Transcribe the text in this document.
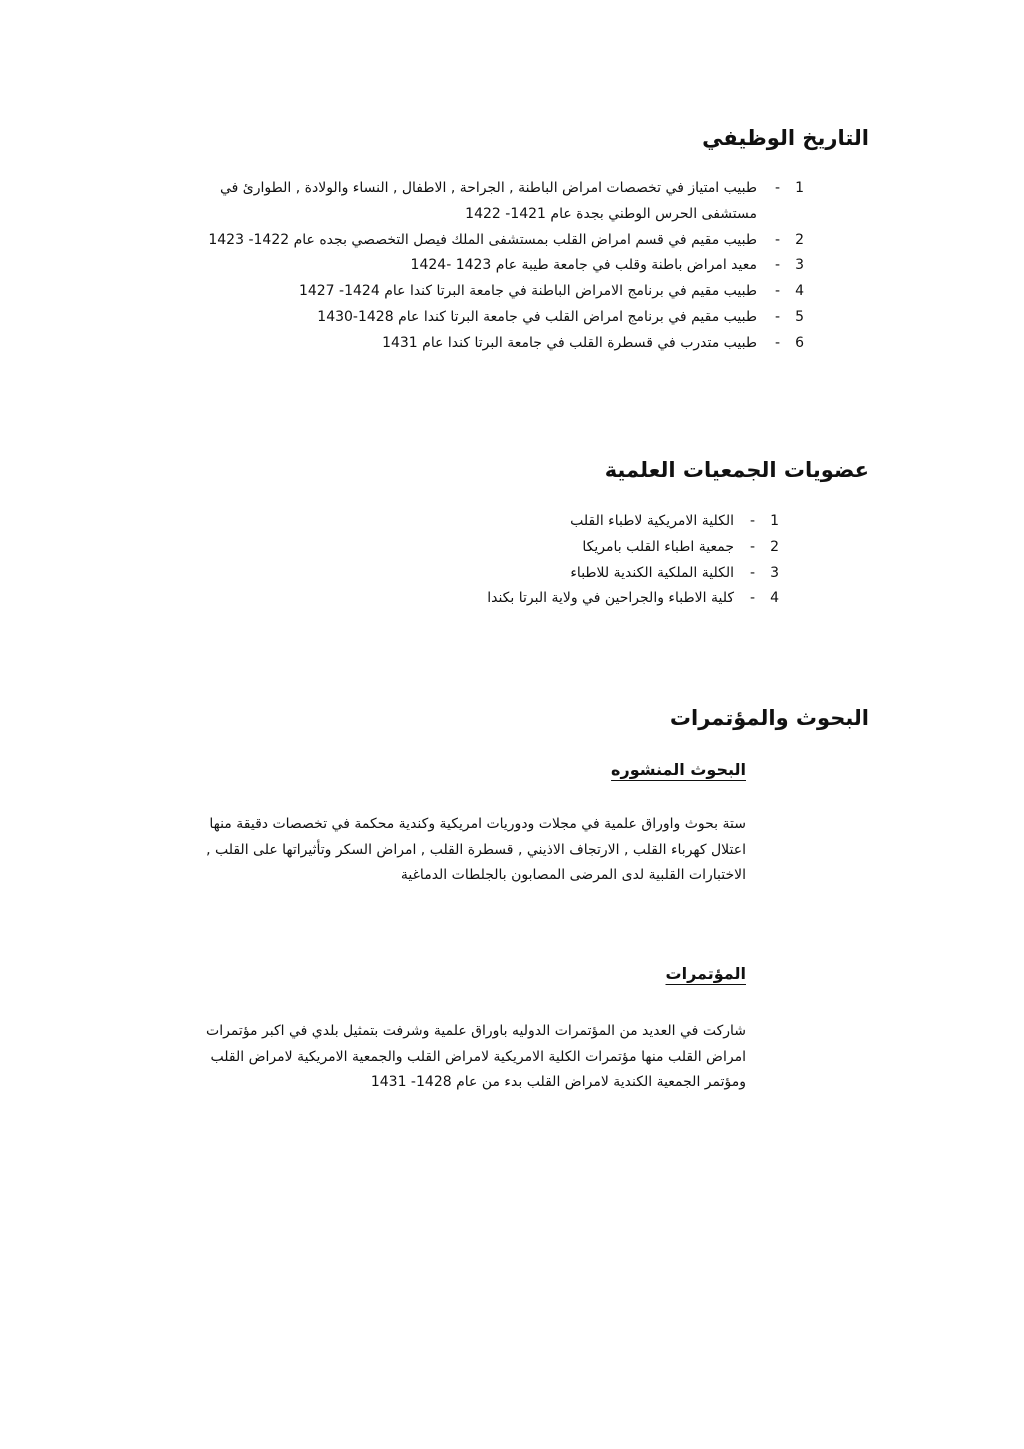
التاريخ الوظيفي
1
-
طبيب امتياز في تخصصات امراض الباطنة , الجراحة , الاطفال , النساء والولادة , الطوارئ في
مستشفى الحرس الوطني بجدة عام 1421- 1422
2
-
طبيب مقيم في قسم امراض القلب بمستشفى الملك فيصل التخصصي بجده عام 1422- 1423
3
-
معيد امراض باطنة وقلب في جامعة طيبة عام 1423 -1424
4
-
طبيب مقيم في برنامج الامراض الباطنة في جامعة البرتا كندا عام 1424- 1427
5
-
طبيب مقيم في برنامج امراض القلب في جامعة البرتا كندا عام 1428-1430
6
-
طبيب متدرب في قسطرة القلب في جامعة البرتا كندا عام 1431
عضويات الجمعيات العلمية
1
-
الكلية الامريكية لاطباء القلب
2
-
جمعية اطباء القلب بامريكا
3
-
الكلية الملكية الكندية للاطباء
4
-
كلية الاطباء والجراحين في ولاية البرتا بكندا
البحوث والمؤتمرات
البحوث المنشوره

ستة بحوث واوراق علمية في مجلات ودوريات امريكية وكندية محكمة في تخصصات دقيقة منها
اعتلال كهرباء القلب , الارتجاف الاذيني , قسطرة القلب , امراض السكر وتأثيراتها على القلب ,
الاختبارات القلبية لدى المرضى المصابون بالجلطات الدماغية

المؤتمرات

شاركت في العديد من المؤتمرات الدوليه باوراق علمية وشرفت بتمثيل بلدي في اكبر مؤتمرات
امراض القلب منها مؤتمرات الكلية الامريكية لامراض القلب والجمعية الامريكية لامراض القلب
ومؤتمر الجمعية الكندية لامراض القلب بدء من عام 1428- 1431
